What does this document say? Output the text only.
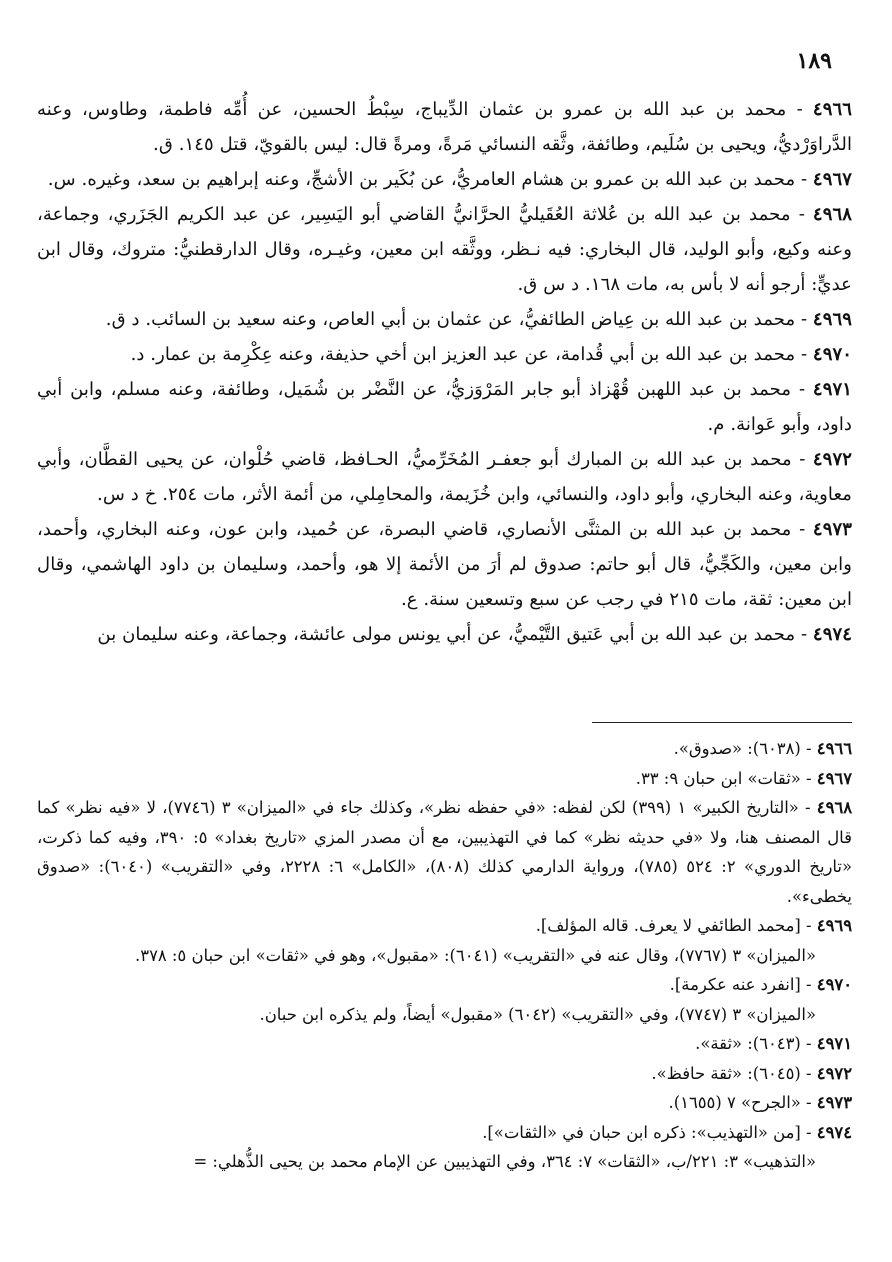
١٨٩

٤٩٦٦ - محمد بن عبد الله بن عمرو بن عثمان الدِّيباج، سِبْطُ الحسين، عن أُمِّه فاطمة، وطاوس، وعنه الدَّراوَرْديُّ، ويحيى بن سُلَيم، وطائفة، وثَّقه النسائي مَرةً، ومرةً قال: ليس بالقويّ، قتل ١٤٥. ق.

٤٩٦٧ - محمد بن عبد الله بن عمرو بن هشام العامريُّ، عن بُكَير بن الأشجِّ، وعنه إبراهيم بن سعد، وغيره. س.

٤٩٦٨ - محمد بن عبد الله بن عُلاثة العُقَيليُّ الحرَّانيُّ القاضي أبو اليَسِير، عن عبد الكريم الجَزَري، وجماعة، وعنه وكيع، وأبو الوليد، قال البخاري: فيه نـظر، ووثَّقه ابن معين، وغيـره، وقال الدارقطنيُّ: متروك، وقال ابن عديٍّ: أرجو أنه لا بأس به، مات ١٦٨. د س ق.

٤٩٦٩ - محمد بن عبد الله بن عِياض الطائفيُّ، عن عثمان بن أبي العاص، وعنه سعيد بن السائب. د ق.

٤٩٧٠ - محمد بن عبد الله بن أبي قُدامة، عن عبد العزيز ابن أخي حذيفة، وعنه عِكْرِمة بن عمار. د.

٤٩٧١ - محمد بن عبد اللهبن قُهْزاذ أبو جابر المَرْوَزيُّ، عن النَّضْر بن شُمَيل، وطائفة، وعنه مسلم، وابن أبي داود، وأبو عَوانة. م.

٤٩٧٢ - محمد بن عبد الله بن المبارك أبو جعفـر المُخَرِّميُّ، الحـافظ، قاضي حُلْوان، عن يحيى القطَّان، وأبي معاوية، وعنه البخاري، وأبو داود، والنسائي، وابن خُزَيمة، والمحامِلي، من أئمة الأثر، مات ٢٥٤. خ د س.

٤٩٧٣ - محمد بن عبد الله بن المثنَّى الأنصاري، قاضي البصرة، عن حُميد، وابن عون، وعنه البخاري، وأحمد، وابن معين، والكَجِّيُّ، قال أبو حاتم: صدوق لم أرَ من الأئمة إلا هو، وأحمد، وسليمان بن داود الهاشمي، وقال ابن معين: ثقة، مات ٢١٥ في رجب عن سبع وتسعين سنة. ع.

٤٩٧٤ - محمد بن عبد الله بن أبي عَتيق التَّيْميُّ، عن أبي يونس مولى عائشة، وجماعة، وعنه سليمان بن

٤٩٦٦ - (٦٠٣٨): «صدوق».

٤٩٦٧ - «ثقات» ابن حبان ٩: ٣٣.

٤٩٦٨ - «التاريخ الكبير» ١ (٣٩٩) لكن لفظه: «في حفظه نظر»، وكذلك جاء في «الميزان» ٣ (٧٧٤٦)، لا «فيه نظر» كما قال المصنف هنا، ولا «في حديثه نظر» كما في التهذيبين، مع أن مصدر المزي «تاريخ بغداد» ٥: ٣٩٠، وفيه كما ذكرت، «تاريخ الدوري» ٢: ٥٢٤ (٧٨٥)، ورواية الدارمي كذلك (٨٠٨)، «الكامل» ٦: ٢٢٢٨، وفي «التقريب» (٦٠٤٠): «صدوق يخطىء».

٤٩٦٩ - [محمد الطائفي لا يعرف. قاله المؤلف].

«الميزان» ٣ (٧٧٦٧)، وقال عنه في «التقريب» (٦٠٤١): «مقبول»، وهو في «ثقات» ابن حبان ٥: ٣٧٨.

٤٩٧٠ - [انفرد عنه عكرمة].

«الميزان» ٣ (٧٧٤٧)، وفي «التقريب» (٦٠٤٢) «مقبول» أيضاً، ولم يذكره ابن حبان.

٤٩٧١ - (٦٠٤٣): «ثقة».

٤٩٧٢ - (٦٠٤٥): «ثقة حافظ».

٤٩٧٣ - «الجرح» ٧ (١٦٥٥).

٤٩٧٤ - [من «التهذيب»: ذكره ابن حبان في «الثقات»].

«التذهيب» ٣: ٢٢١/ب، «الثقات» ٧: ٣٦٤، وفي التهذيبين عن الإمام محمد بن يحيى الذُّهلي: =
